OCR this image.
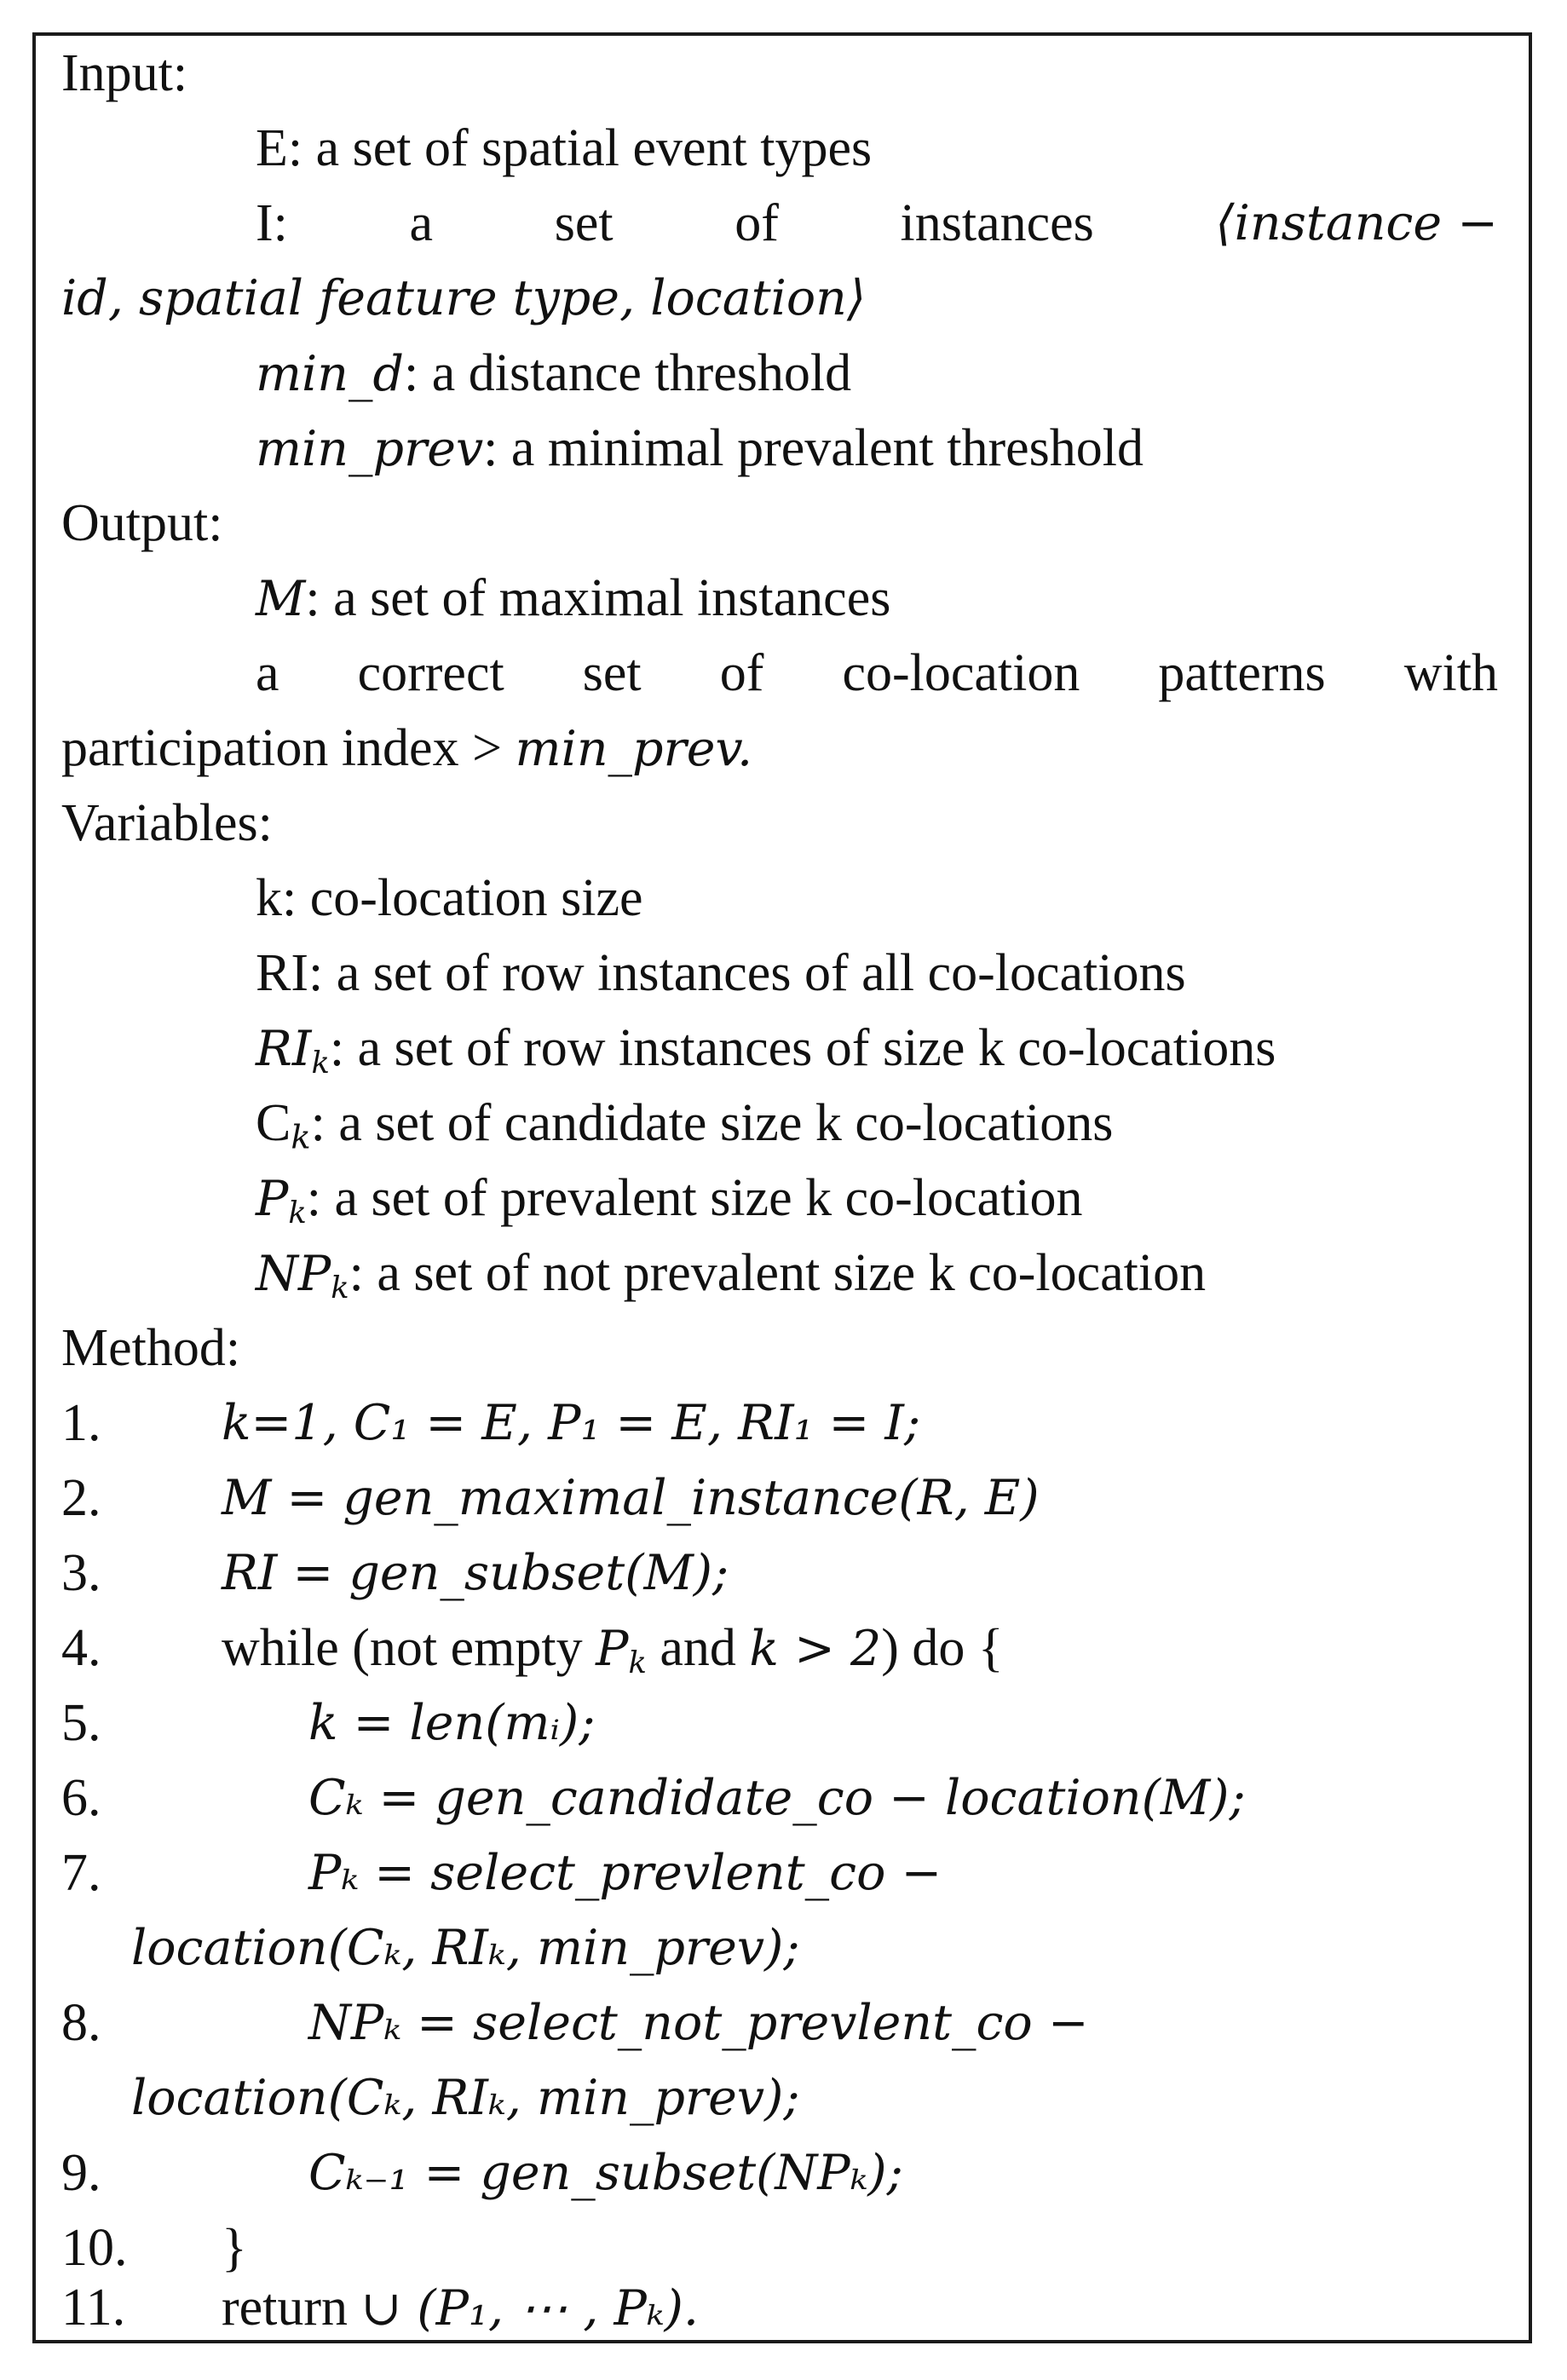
Input:
E: a set of spatial event types
I: a set of instances	⟨instance −
id, spatial feature type, location⟩
min_d: a distance threshold
min_prev: a minimal prevalent threshold
Output:
M: a set of maximal instances
a correct set of co-location patterns with
participation index > min_prev.
Variables:
k: co-location size
RI: a set of row instances of all co-locations
$RI_k$: a set of row instances of size k co-locations
$C_k$: a set of candidate size k co-locations
$P_k$: a set of prevalent size k co-location
$NP_k$: a set of not prevalent size k co-location
Method:
1. k=1, C₁ = E, P₁ = E, RI₁ = I;
2. M = gen_maximal_instance(R, E)
3. RI = gen_subset(M);
4. while (not empty $P_k$ and k > 2) do {
5.	k = len(mᵢ);
6.	Cₖ = gen_candidate_co − location(M);
7.	Pₖ = select_prevlent_co −
location(Cₖ, RIₖ, min_prev);
8.	NPₖ = select_not_prevlent_co −
location(Cₖ, RIₖ, min_prev);
9.	Cₖ₋₁ = gen_subset(NPₖ);
10. }
11. return ∪ (P₁, ⋯ , Pₖ).
